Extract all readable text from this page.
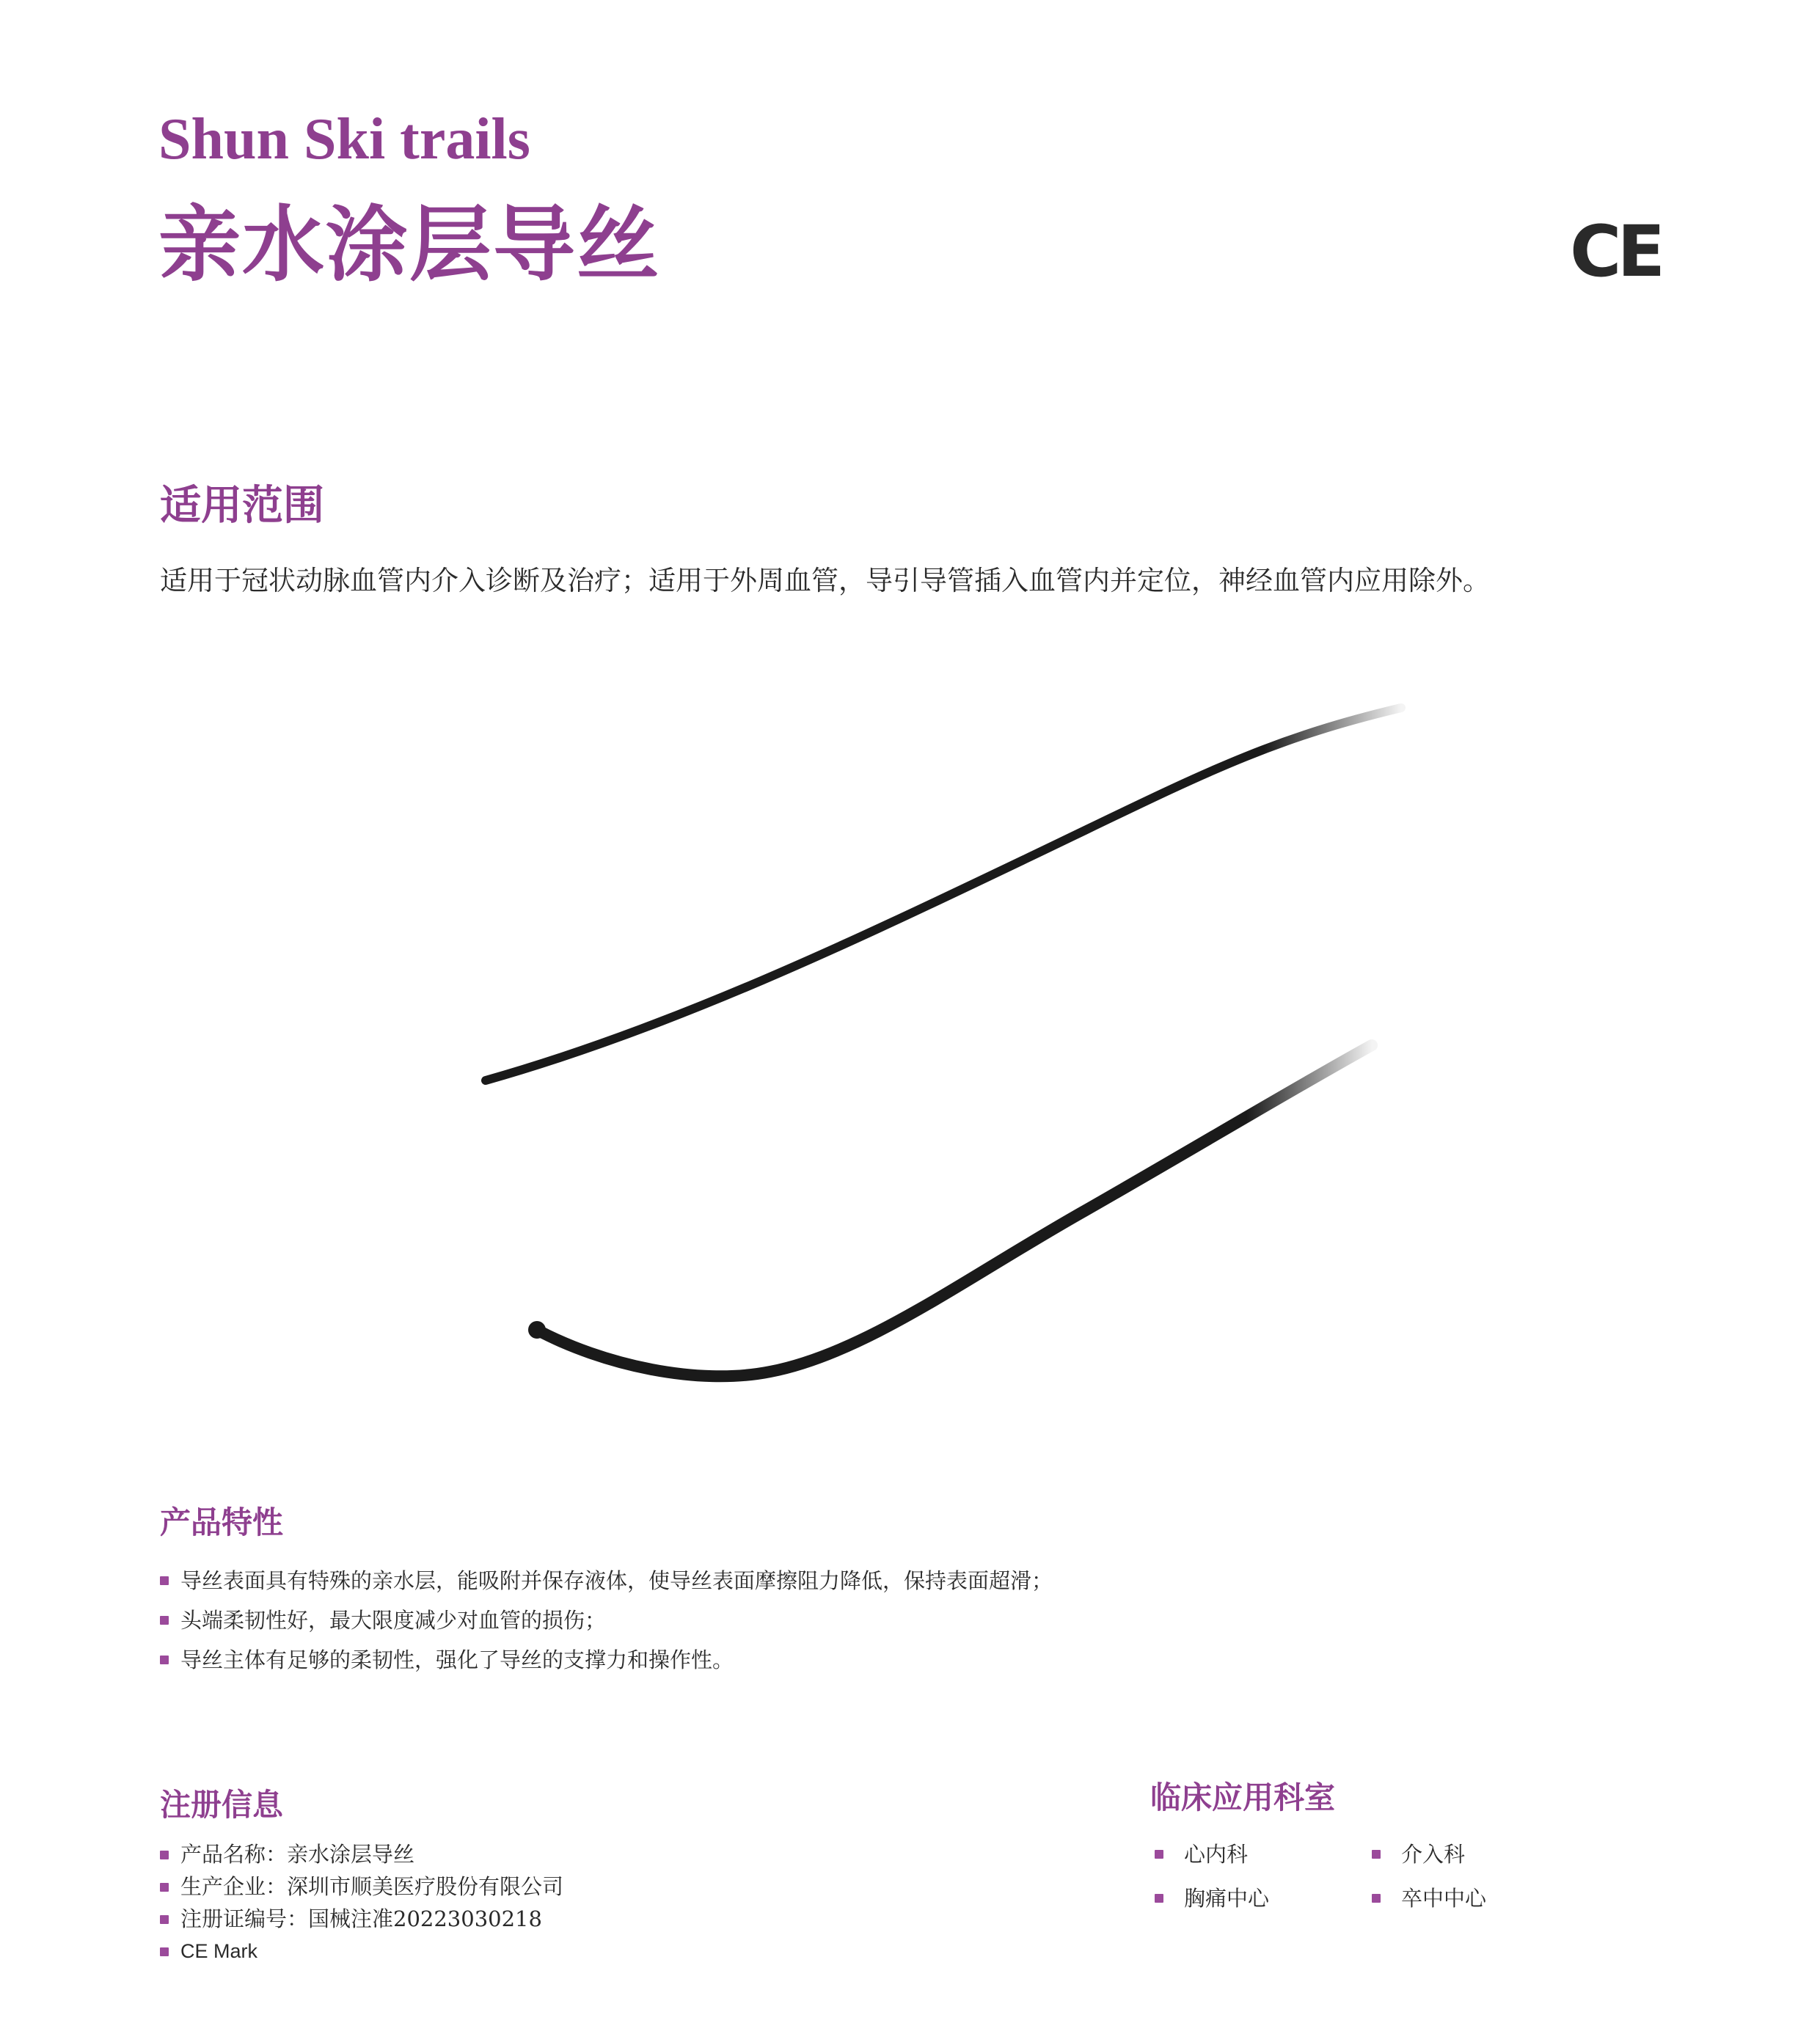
Shun Ski trails
亲水涂层导丝	CE
适用范围
适用于冠状动脉血管内介入诊断及治疗；适用于外周血管，导引导管插入血管内并定位，神经血管内应用除外。
产品特性
导丝表面具有特殊的亲水层，能吸附并保存液体，使导丝表面摩擦阻力降低，保持表面超滑；
头端柔韧性好，最大限度减少对血管的损伤；
导丝主体有足够的柔韧性，强化了导丝的支撑力和操作性。
注册信息
产品名称：亲水涂层导丝
生产企业：深圳市顺美医疗股份有限公司
注册证编号：国械注准20223030218
CE Mark
临床应用科室
心内科	介入科
胸痛中心	卒中中心
